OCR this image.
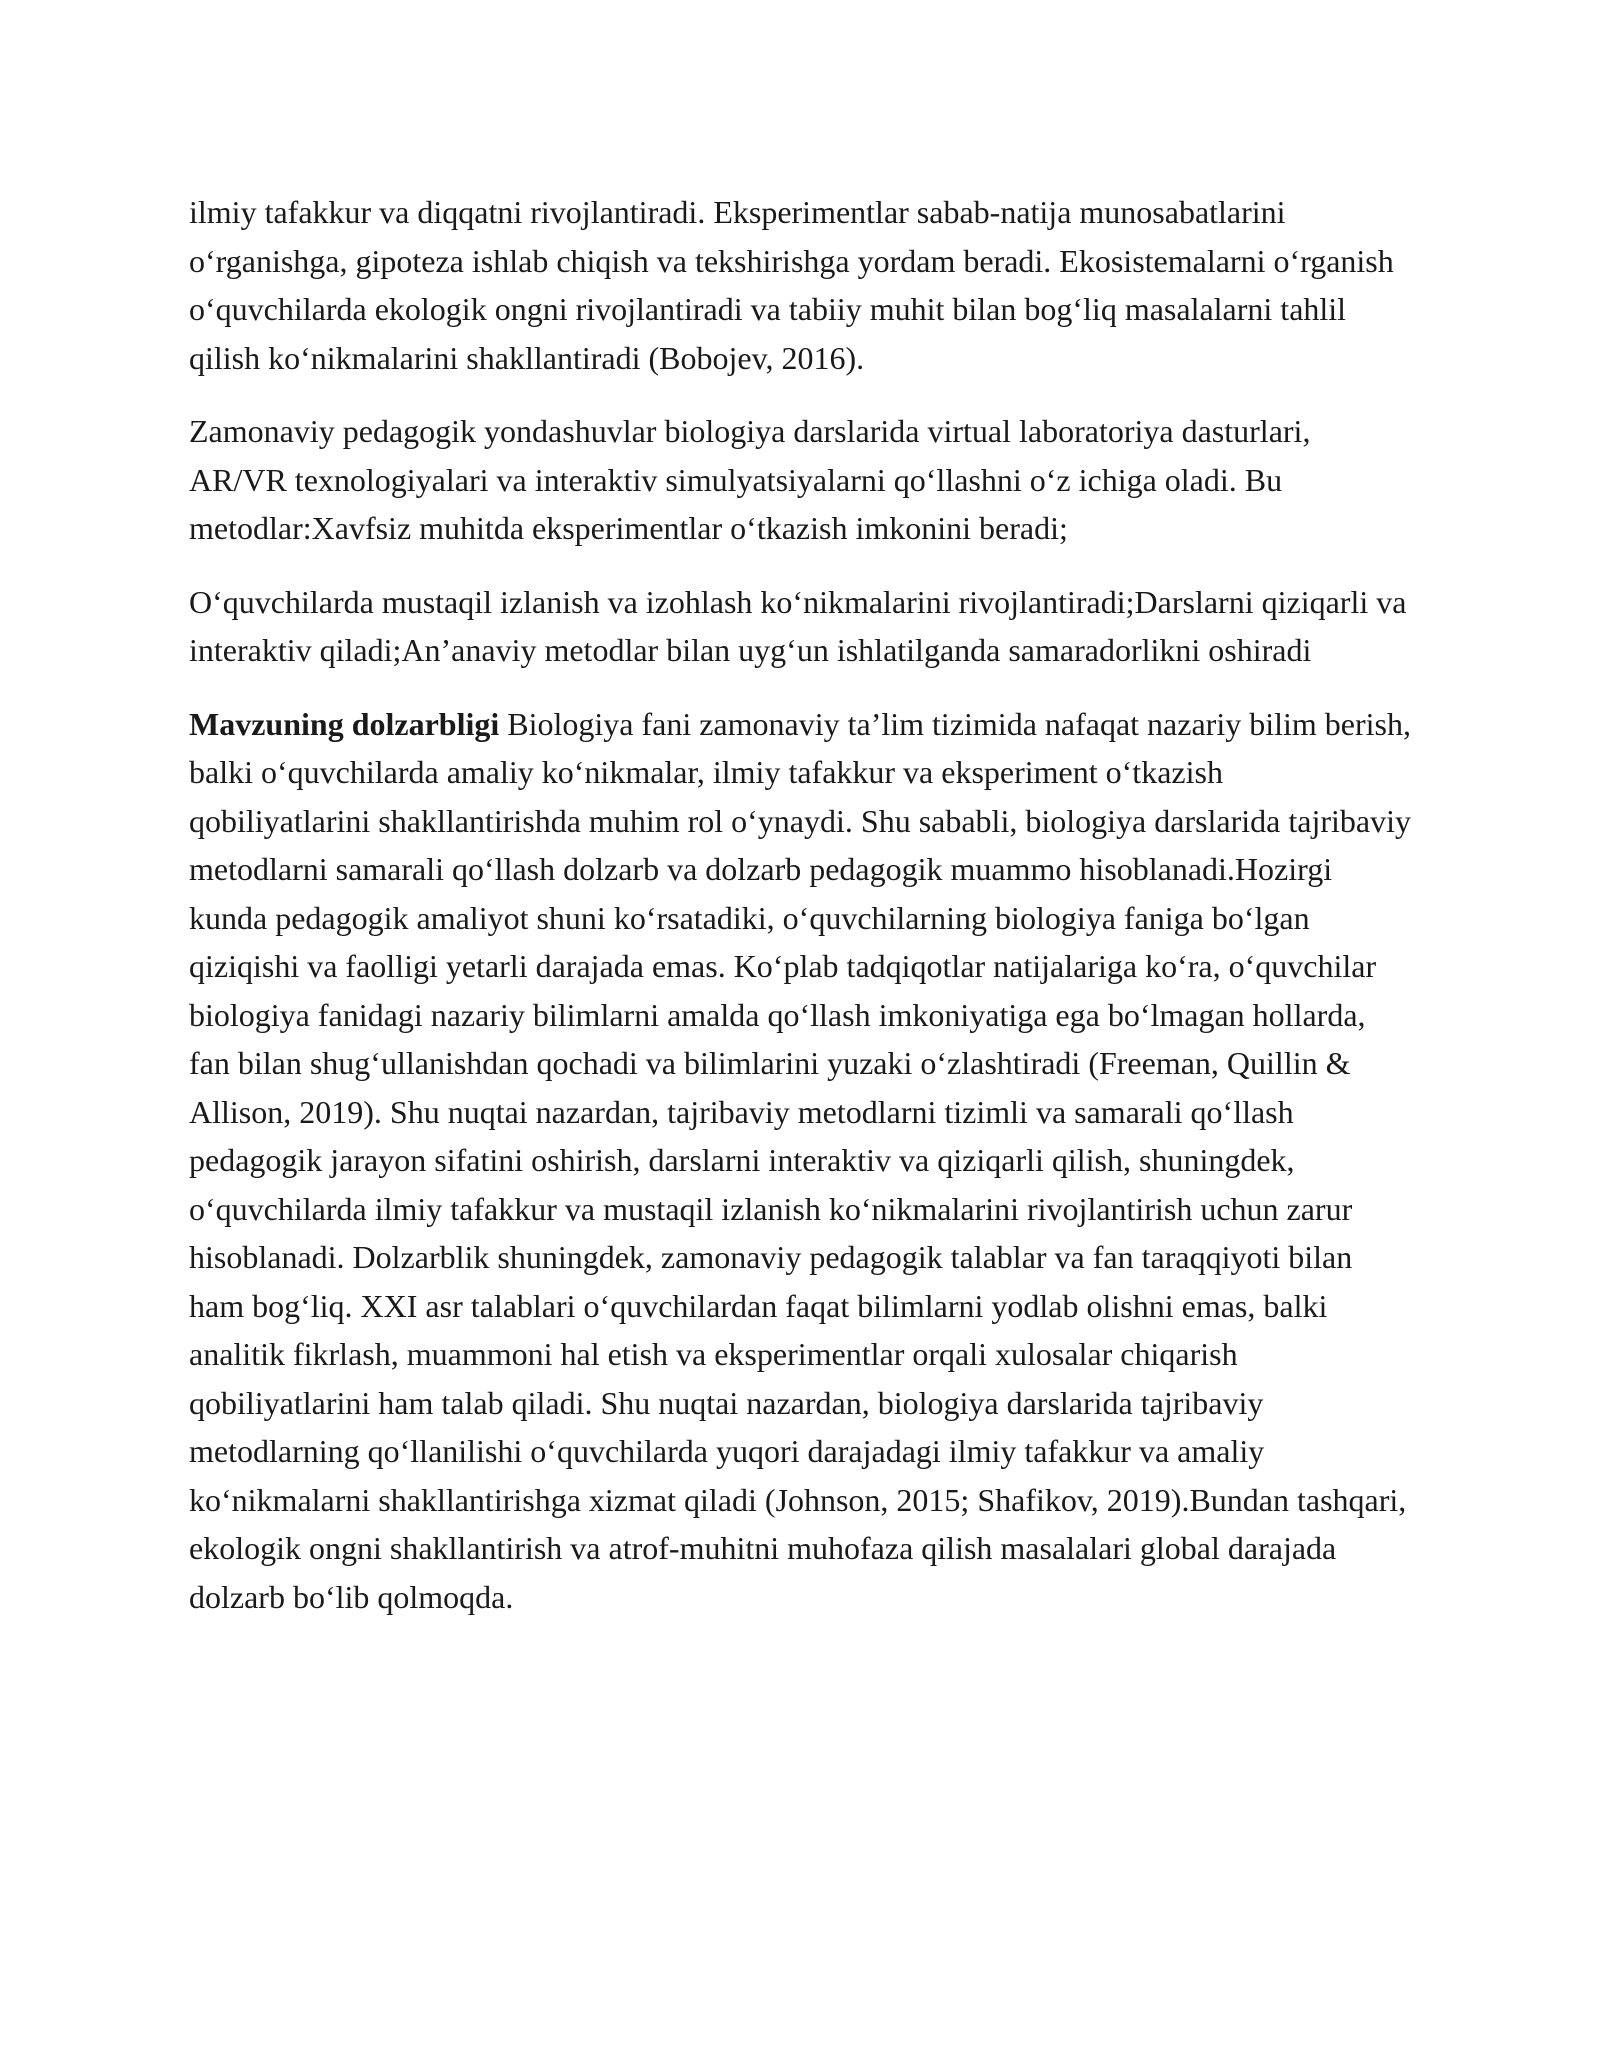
ilmiy tafakkur va diqqatni rivojlantiradi. Eksperimentlar sabab-natija munosabatlarini o‘rganishga, gipoteza ishlab chiqish va tekshirishga yordam beradi. Ekosistemalarni o‘rganish o‘quvchilarda ekologik ongni rivojlantiradi va tabiiy muhit bilan bog‘liq masalalarni tahlil qilish ko‘nikmalarini shakllantiradi (Bobojev, 2016).

Zamonaviy pedagogik yondashuvlar biologiya darslarida virtual laboratoriya dasturlari, AR/VR texnologiyalari va interaktiv simulyatsiyalarni qo‘llashni o‘z ichiga oladi. Bu metodlar:Xavfsiz muhitda eksperimentlar o‘tkazish imkonini beradi;

O‘quvchilarda mustaqil izlanish va izohlash ko‘nikmalarini rivojlantiradi;Darslarni qiziqarli va interaktiv qiladi;An’anaviy metodlar bilan uyg‘un ishlatilganda samaradorlikni oshiradi

Mavzuning dolzarbligi Biologiya fani zamonaviy ta’lim tizimida nafaqat nazariy bilim berish, balki o‘quvchilarda amaliy ko‘nikmalar, ilmiy tafakkur va eksperiment o‘tkazish qobiliyatlarini shakllantirishda muhim rol o‘ynaydi. Shu sababli, biologiya darslarida tajribaviy metodlarni samarali qo‘llash dolzarb va dolzarb pedagogik muammo hisoblanadi.Hozirgi kunda pedagogik amaliyot shuni ko‘rsatadiki, o‘quvchilarning biologiya faniga bo‘lgan qiziqishi va faolligi yetarli darajada emas. Ko‘plab tadqiqotlar natijalariga ko‘ra, o‘quvchilar biologiya fanidagi nazariy bilimlarni amalda qo‘llash imkoniyatiga ega bo‘lmagan hollarda, fan bilan shug‘ullanishdan qochadi va bilimlarini yuzaki o‘zlashtiradi (Freeman, Quillin & Allison, 2019). Shu nuqtai nazardan, tajribaviy metodlarni tizimli va samarali qo‘llash pedagogik jarayon sifatini oshirish, darslarni interaktiv va qiziqarli qilish, shuningdek, o‘quvchilarda ilmiy tafakkur va mustaqil izlanish ko‘nikmalarini rivojlantirish uchun zarur hisoblanadi. Dolzarblik shuningdek, zamonaviy pedagogik talablar va fan taraqqiyoti bilan ham bog‘liq. XXI asr talablari o‘quvchilardan faqat bilimlarni yodlab olishni emas, balki analitik fikrlash, muammoni hal etish va eksperimentlar orqali xulosalar chiqarish qobiliyatlarini ham talab qiladi. Shu nuqtai nazardan, biologiya darslarida tajribaviy metodlarning qo‘llanilishi o‘quvchilarda yuqori darajadagi ilmiy tafakkur va amaliy ko‘nikmalarni shakllantirishga xizmat qiladi (Johnson, 2015; Shafikov, 2019).Bundan tashqari, ekologik ongni shakllantirish va atrof-muhitni muhofaza qilish masalalari global darajada dolzarb bo‘lib qolmoqda.
